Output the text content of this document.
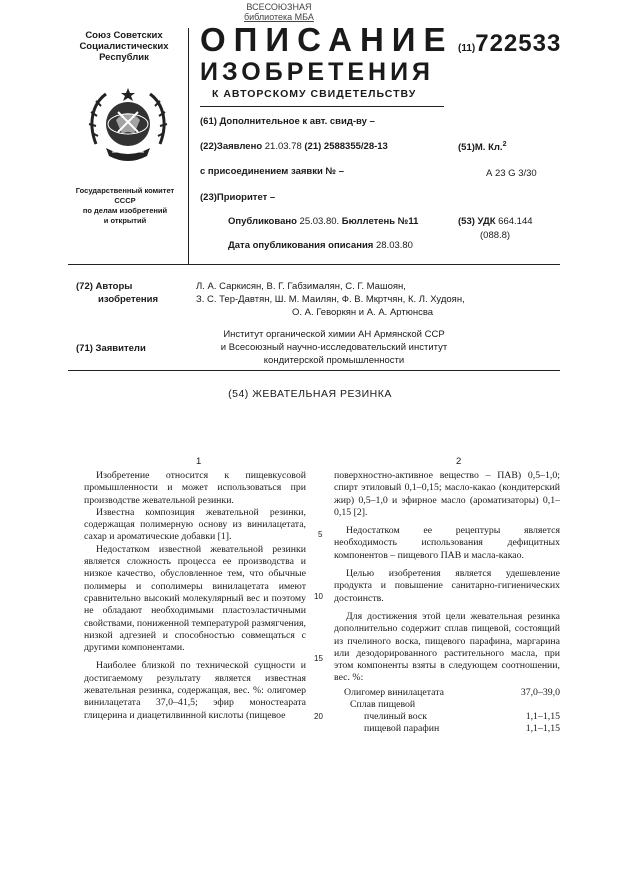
ВСЕСОЮЗНАЯ
библиотека МБА
Союз Советских
Социалистических
Республик
Государственный комитет
СССР
по делам изобретений
и открытий
ОПИСАНИЕ
ИЗОБРЕТЕНИЯ
К АВТОРСКОМУ СВИДЕТЕЛЬСТВУ
(11)722533
(61) Дополнительное к авт. свид-ву –
(22)Заявлено 21.03.78 (21) 2588355/28-13
с присоединением заявки № –
(23)Приоритет –
Опубликовано 25.03.80. Бюллетень №11
Дата опубликования описания 28.03.80
(51)М. Кл.$^2$
А 23 G 3/30
(53) УДК 664.144
(088.8)
(72) Авторы
изобретения
Л. А. Саркисян, В. Г. Габзималян, С. Г. Машоян,
З. С. Тер-Давтян, Ш. М. Маилян, Ф. В. Мкртчян, К. Л. Худоян,
О. А. Геворкян и А. А. Артюнсва
(71) Заявители
Институт органической химии АН Армянской ССР
и Всесоюзный научно-исследовательский институт
кондитерской промышленности
(54) ЖЕВАТЕЛЬНАЯ РЕЗИНКА
1	2

Изобретение относится к пищевкусовой промышленности и может использоваться при производстве жевательной резинки.

Известна композиция жевательной резинки, содержащая полимерную основу из винилацетата, сахар и ароматические добавки [1].

Недостатком известной жевательной резинки является сложность процесса ее производства и низкое качество, обусловленное тем, что обычные полимеры и сополимеры винилацетата имеют сравнительно высокий молекулярный вес и поэтому не обладают необходимыми пластоэластичными свойствами, пониженной температурой размягчения, низкой адгезией и способностью совмещаться с другими компонентами.

Наиболее близкой по технической сущности и достигаемому результату является известная жевательная резинка, содержащая, вес. %: олигомер винилацетата 37,0–41,5; эфир моностеарата глицерина и диацетилвинной кислоты (пищевое

5
10
15
20

поверхностно-активное вещество – ПАВ) 0,5–1,0; спирт этиловый 0,1–0,15; масло-какао (кондитерский жир) 0,5–1,0 и эфирное масло (ароматизаторы) 0,1–0,15 [2].

Недостатком ее рецептуры является необходимость использования дефицитных компонентов – пищевого ПАВ и масла-какао.

Целью изобретения является удешевление продукта и повышение санитарно-гигиенических достоинств.

Для достижения этой цели жевательная резинка дополнительно содержит сплав пищевой, состоящий из пчелиного воска, пищевого парафина, маргарина или дезодорированного растительного масла, при этом компоненты взяты в следующем соотношении, вес. %:

Олигомер винилацетата	37,0–39,0
Сплав пищевой	
пчелиный воск	1,1–1,15
пищевой парафин	1,1–1,15
